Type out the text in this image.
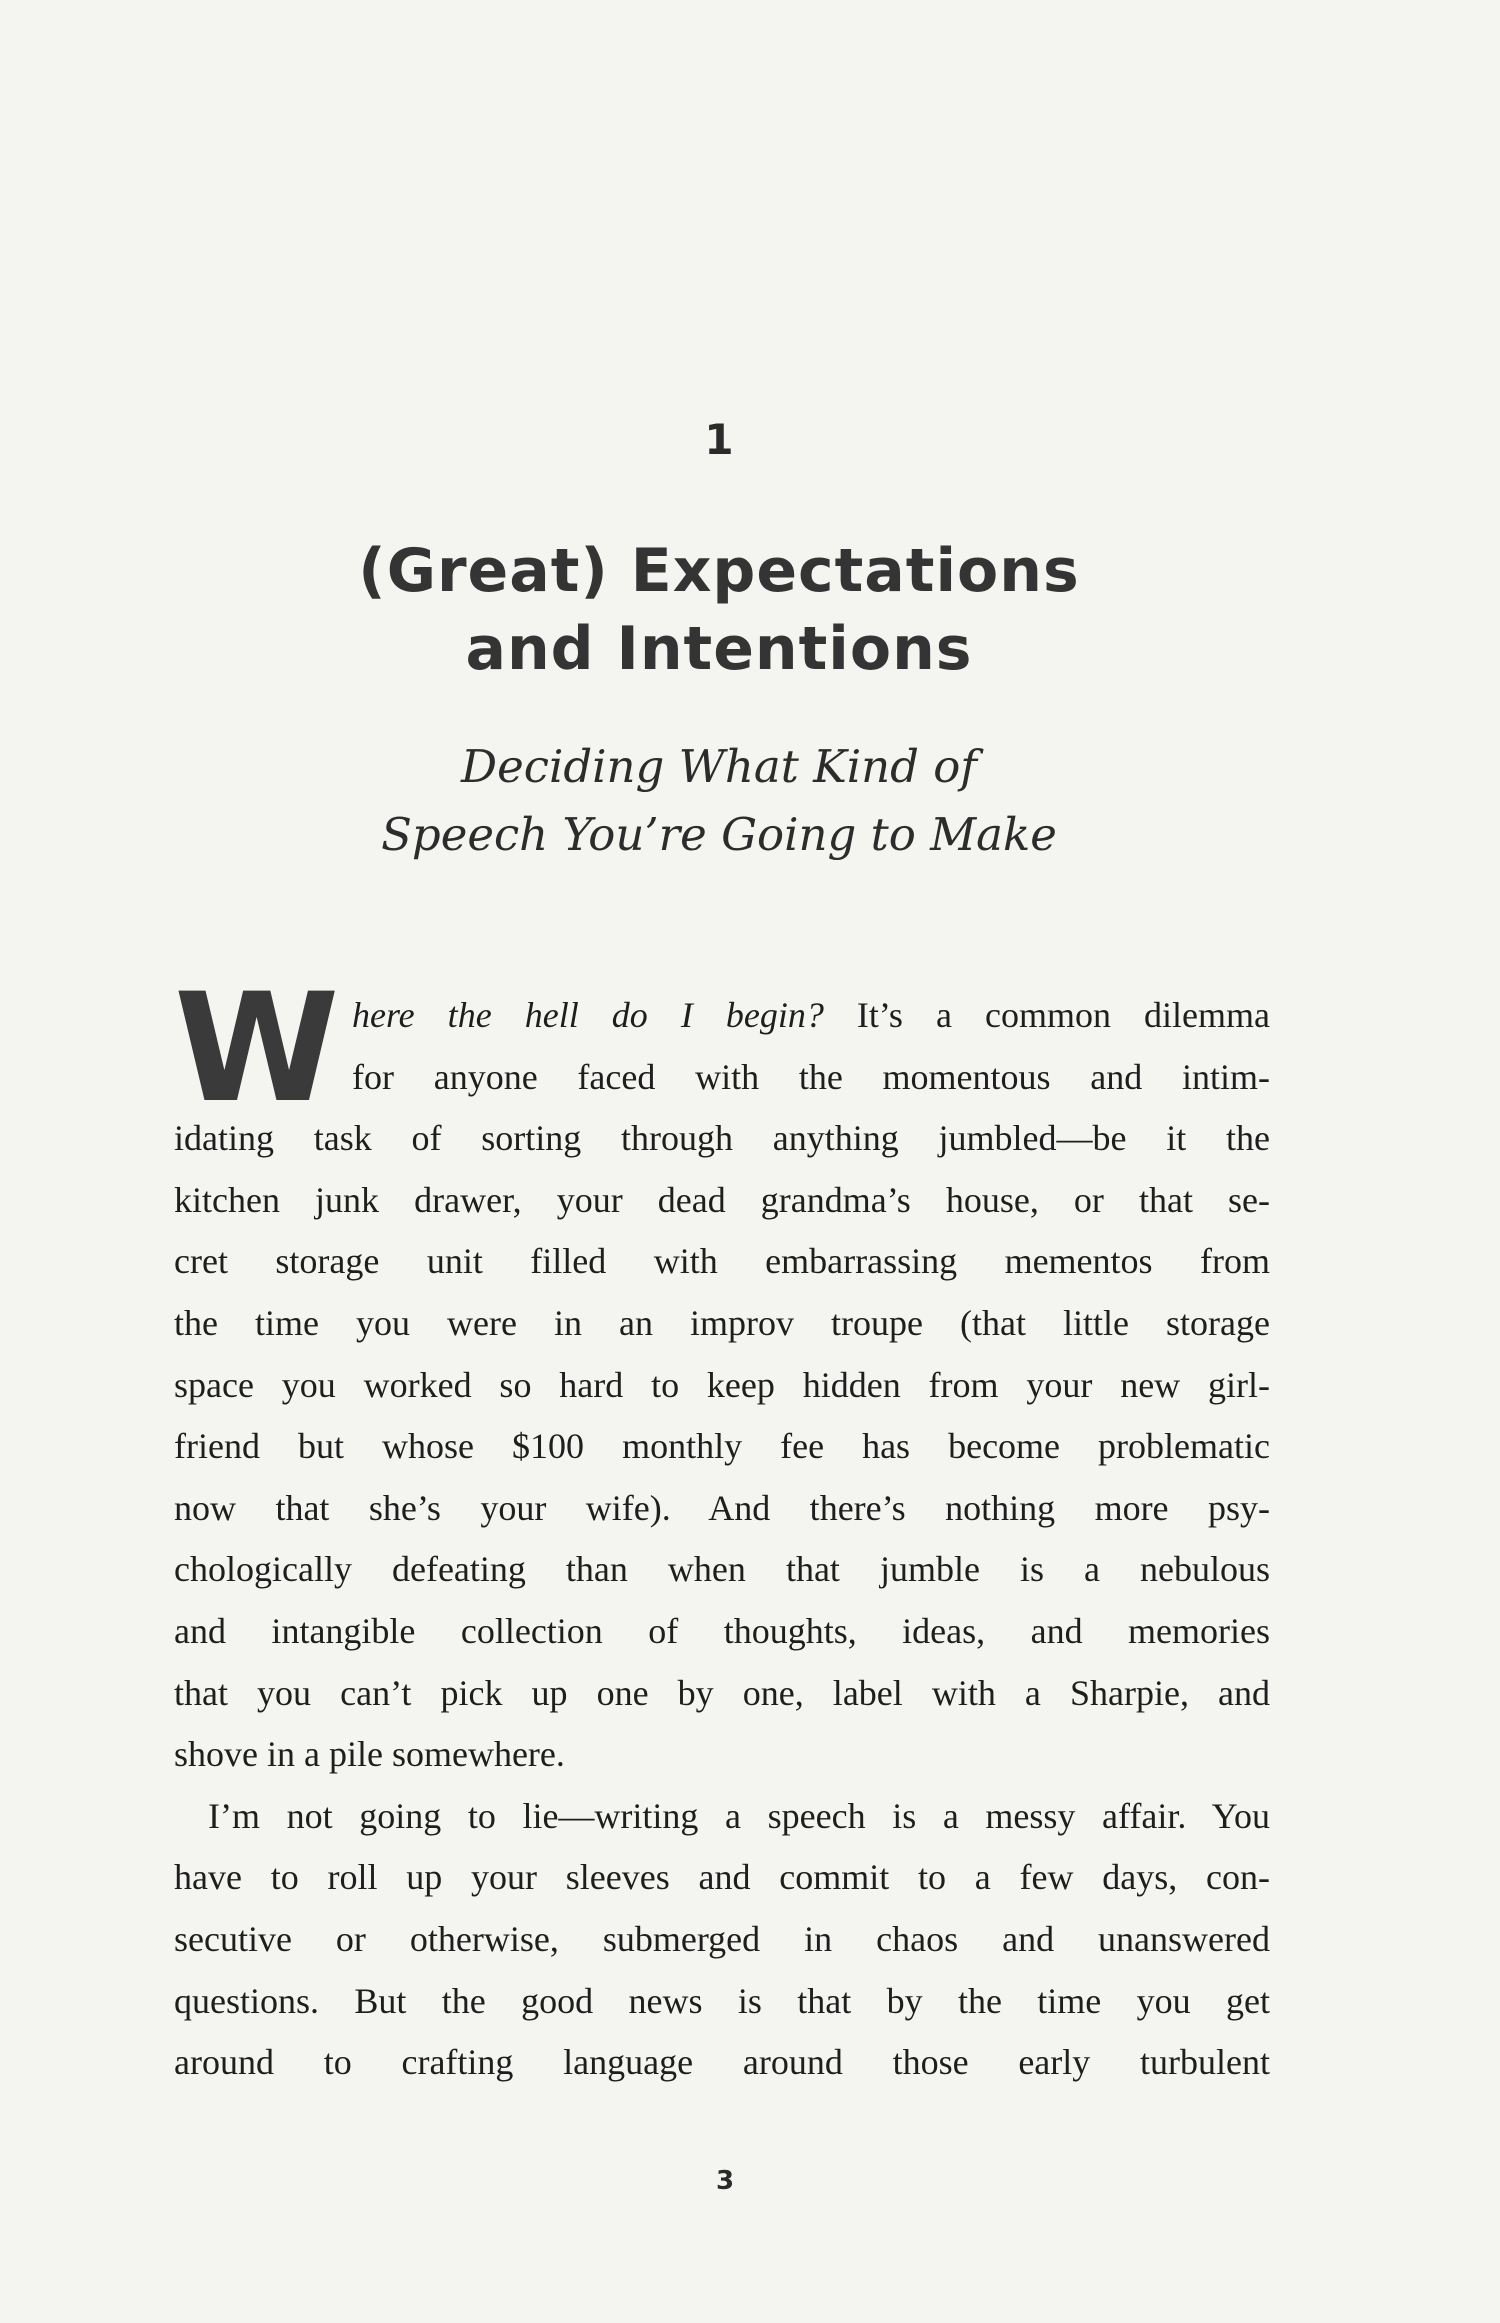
1
(Great) Expectations
and Intentions
Deciding What Kind of
Speech You’re Going to Make
W here the hell do I begin? It’s a common dilemma
for anyone faced with the momentous and intim-
idating task of sorting through anything jumbled—be it the
kitchen junk drawer, your dead grandma’s house, or that se-
cret storage unit filled with embarrassing mementos from
the time you were in an improv troupe (that little storage
space you worked so hard to keep hidden from your new girl-
friend but whose $100 monthly fee has become problematic
now that she’s your wife). And there’s nothing more psy-
chologically defeating than when that jumble is a nebulous
and intangible collection of thoughts, ideas, and memories
that you can’t pick up one by one, label with a Sharpie, and
shove in a pile somewhere.
I’m not going to lie—writing a speech is a messy affair. You
have to roll up your sleeves and commit to a few days, con-
secutive or otherwise, submerged in chaos and unanswered
questions. But the good news is that by the time you get
around to crafting language around those early turbulent
3
